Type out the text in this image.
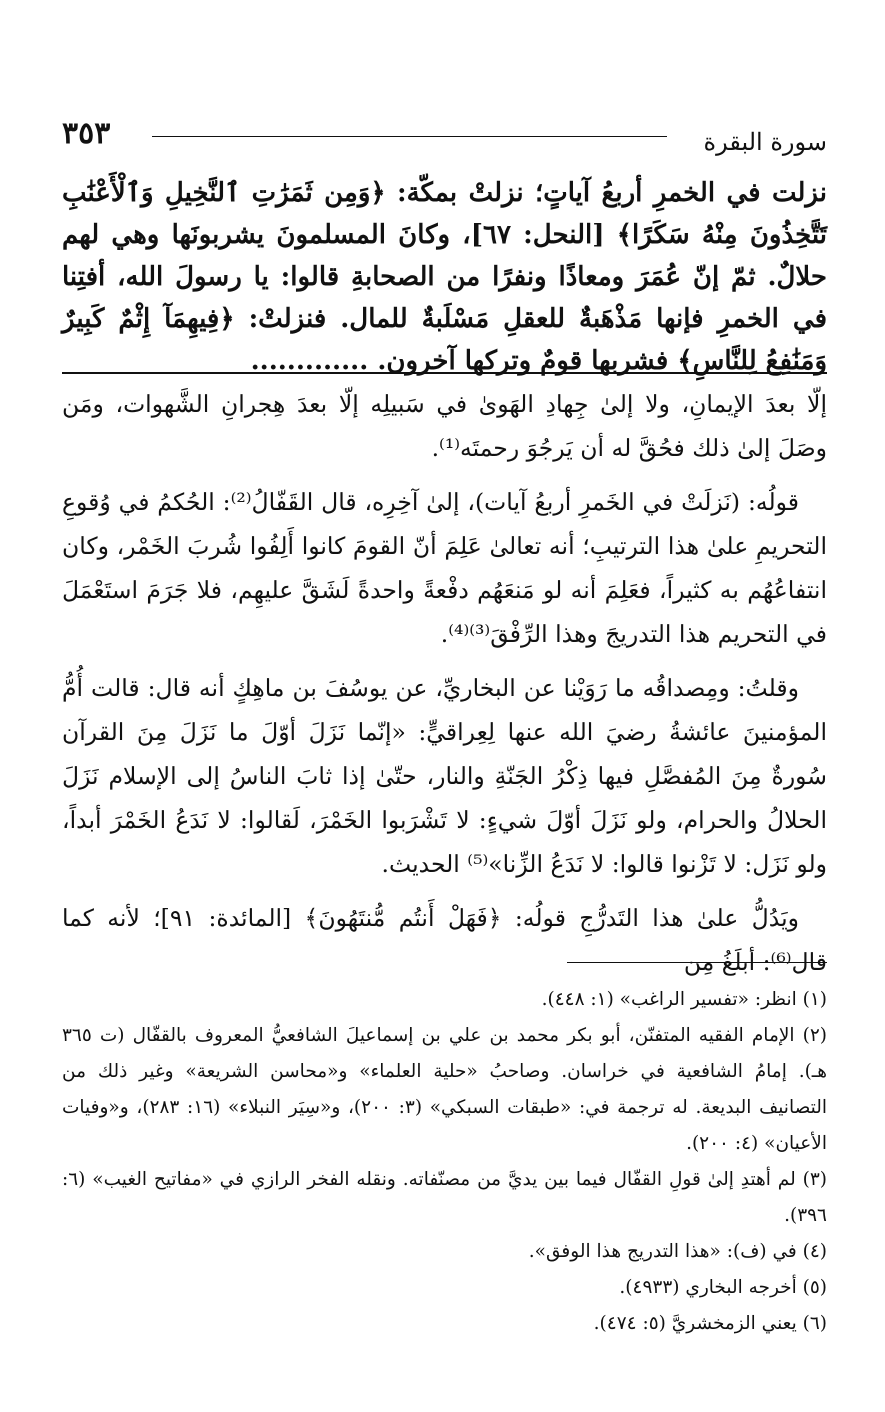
سورة البقرة
٣٥٣
نزلت في الخمرِ أربعُ آياتٍ؛ نزلتْ بمكّة: ﴿وَمِن ثَمَرَٰتِ ٱلنَّخِيلِ وَٱلْأَعْنَٰبِ تَتَّخِذُونَ مِنْهُ سَكَرًا﴾ [النحل: ٦٧]، وكانَ المسلمونَ يشربونَها وهي لهم حلالٌ. ثمّ إنّ عُمَرَ ومعاذًا ونفرًا من الصحابةِ قالوا: يا رسولَ الله، أفتِنا في الخمرِ فإنها مَذْهَبةٌ للعقلِ مَسْلَبةٌ للمال. فنزلتْ: ﴿فِيهِمَآ إِثْمٌ كَبِيرٌ وَمَنَٰفِعُ لِلنَّاسِ﴾ فشربها قومٌ وتركها آخرون. .............

إلّا بعدَ الإيمانِ، ولا إلىٰ جِهادِ الهَوىٰ في سَبيلِه إلّا بعدَ هِجرانِ الشَّهوات، ومَن وصَلَ إلىٰ ذلك فحُقَّ له أن يَرجُوَ رحمتَه⁽¹⁾.

قولُه: (نَزلَتْ في الخَمرِ أربعُ آيات)، إلىٰ آخِرِه، قال القَفّالُ⁽²⁾: الحُكمُ في وُقوعِ التحريمِ علىٰ هذا الترتيبِ؛ أنه تعالىٰ عَلِمَ أنّ القومَ كانوا أَلِفُوا شُربَ الخَمْر، وكان انتفاعُهُم به كثيراً، فعَلِمَ أنه لو مَنعَهُم دفْعةً واحدةً لَشَقَّ عليهِم، فلا جَرَمَ استَعْمَلَ في التحريم هذا التدريجَ وهذا الرِّفْقَ⁽³⁾⁽⁴⁾.

وقلتُ: ومِصداقُه ما رَوَيْنا عن البخاريِّ، عن يوسُفَ بن ماهِكٍ أنه قال: قالت أُمُّ المؤمنينَ عائشةُ رضيَ الله عنها لِعِراقيٍّ: «إنّما نَزَلَ أوّلَ ما نَزَلَ مِنَ القرآن سُورةٌ مِنَ المُفصَّلِ فيها ذِكْرُ الجَنّةِ والنار، حتّىٰ إذا ثابَ الناسُ إلى الإسلام نَزَلَ الحلالُ والحرام، ولو نَزَلَ أوّلَ شيءٍ: لا تَشْرَبوا الخَمْرَ، لَقالوا: لا نَدَعُ الخَمْرَ أبداً، ولو نَزَل: لا تَزْنوا قالوا: لا نَدَعُ الزِّنا»⁽⁵⁾ الحديث.

ويَدُلُّ علىٰ هذا التَدرُّجِ قولُه: ﴿فَهَلْ أَنتُم مُّنتَهُونَ﴾ [المائدة: ٩١]؛ لأنه كما قال⁽⁶⁾: أبلَغُ مِن

(١) انظر: «تفسير الراغب» (١: ٤٤٨).
(٢) الإمام الفقيه المتفنّن، أبو بكر محمد بن علي بن إسماعيلَ الشافعيُّ المعروف بالقفّال (ت ٣٦٥ هـ). إمامُ الشافعية في خراسان. وصاحبُ «حلية العلماء» و«محاسن الشريعة» وغير ذلك من التصانيف البديعة. له ترجمة في: «طبقات السبكي» (٣: ٢٠٠)، و«سِيَر النبلاء» (١٦: ٢٨٣)، و«وفيات الأعيان» (٤: ٢٠٠).
(٣) لم أهتدِ إلىٰ قولِ القفّال فيما بين يديَّ من مصنّفاته. ونقله الفخر الرازي في «مفاتيح الغيب» (٦: ٣٩٦).
(٤) في (ف): «هذا التدريج هذا الوفق».
(٥) أخرجه البخاري (٤٩٣٣).
(٦) يعني الزمخشريَّ (٥: ٤٧٤).
